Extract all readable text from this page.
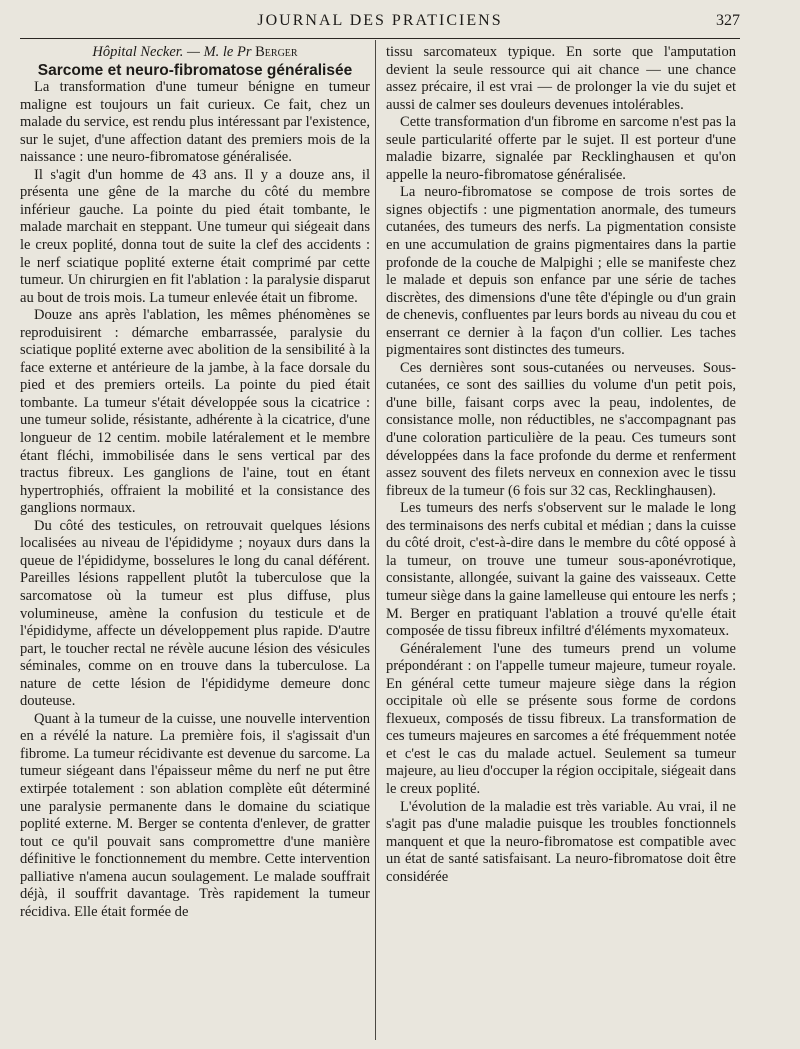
JOURNAL DES PRATICIENS	327
Hôpital Necker. — M. le Pr Berger
Sarcome et neuro-fibromatose généralisée

La transformation d'une tumeur bénigne en tumeur maligne est toujours un fait curieux. Ce fait, chez un malade du service, est rendu plus intéressant par l'existence, sur le sujet, d'une affection datant des premiers mois de la naissance : une neuro-fibromatose généralisée.

Il s'agit d'un homme de 43 ans. Il y a douze ans, il présenta une gêne de la marche du côté du membre inférieur gauche. La pointe du pied était tombante, le malade marchait en steppant. Une tumeur qui siégeait dans le creux poplité, donna tout de suite la clef des accidents : le nerf sciatique poplité externe était comprimé par cette tumeur. Un chirurgien en fit l'ablation : la paralysie disparut au bout de trois mois. La tumeur enlevée était un fibrome.

Douze ans après l'ablation, les mêmes phénomènes se reproduisirent : démarche embarrassée, paralysie du sciatique poplité externe avec abolition de la sensibilité à la face externe et antérieure de la jambe, à la face dorsale du pied et des premiers orteils. La pointe du pied était tombante. La tumeur s'était développée sous la cicatrice : une tumeur solide, résistante, adhérente à la cicatrice, d'une longueur de 12 centim. mobile latéralement et le membre étant fléchi, immobilisée dans le sens vertical par des tractus fibreux. Les ganglions de l'aine, tout en étant hypertrophiés, offraient la mobilité et la consistance des ganglions normaux.

Du côté des testicules, on retrouvait quelques lésions localisées au niveau de l'épididyme ; noyaux durs dans la queue de l'épididyme, bosselures le long du canal déférent. Pareilles lésions rappellent plutôt la tuberculose que la sarcomatose où la tumeur est plus diffuse, plus volumineuse, amène la confusion du testicule et de l'épididyme, affecte un développement plus rapide. D'autre part, le toucher rectal ne révèle aucune lésion des vésicules séminales, comme on en trouve dans la tuberculose. La nature de cette lésion de l'épididyme demeure donc douteuse.

Quant à la tumeur de la cuisse, une nouvelle intervention en a révélé la nature. La première fois, il s'agissait d'un fibrome. La tumeur récidivante est devenue du sarcome. La tumeur siégeant dans l'épaisseur même du nerf ne put être extirpée totalement : son ablation complète eût déterminé une paralysie permanente dans le domaine du sciatique poplité externe. M. Berger se contenta d'enlever, de gratter tout ce qu'il pouvait sans compromettre d'une manière définitive le fonctionnement du membre. Cette intervention palliative n'amena aucun soulagement. Le malade souffrait déjà, il souffrit davantage. Très rapidement la tumeur récidiva. Elle était formée de

tissu sarcomateux typique. En sorte que l'amputation devient la seule ressource qui ait chance — une chance assez précaire, il est vrai — de prolonger la vie du sujet et aussi de calmer ses douleurs devenues intolérables.

Cette transformation d'un fibrome en sarcome n'est pas la seule particularité offerte par le sujet. Il est porteur d'une maladie bizarre, signalée par Recklinghausen et qu'on appelle la neuro-fibromatose généralisée.

La neuro-fibromatose se compose de trois sortes de signes objectifs : une pigmentation anormale, des tumeurs cutanées, des tumeurs des nerfs. La pigmentation consiste en une accumulation de grains pigmentaires dans la partie profonde de la couche de Malpighi ; elle se manifeste chez le malade et depuis son enfance par une série de taches discrètes, des dimensions d'une tête d'épingle ou d'un grain de chenevis, confluentes par leurs bords au niveau du cou et enserrant ce dernier à la façon d'un collier. Les taches pigmentaires sont distinctes des tumeurs.

Ces dernières sont sous-cutanées ou nerveuses. Sous-cutanées, ce sont des saillies du volume d'un petit pois, d'une bille, faisant corps avec la peau, indolentes, de consistance molle, non réductibles, ne s'accompagnant pas d'une coloration particulière de la peau. Ces tumeurs sont développées dans la face profonde du derme et renferment assez souvent des filets nerveux en connexion avec le tissu fibreux de la tumeur (6 fois sur 32 cas, Recklinghausen).

Les tumeurs des nerfs s'observent sur le malade le long des terminaisons des nerfs cubital et médian ; dans la cuisse du côté droit, c'est-à-dire dans le membre du côté opposé à la tumeur, on trouve une tumeur sous-aponévrotique, consistante, allongée, suivant la gaine des vaisseaux. Cette tumeur siège dans la gaine lamelleuse qui entoure les nerfs ; M. Berger en pratiquant l'ablation a trouvé qu'elle était composée de tissu fibreux infiltré d'éléments myxomateux.

Généralement l'une des tumeurs prend un volume prépondérant : on l'appelle tumeur majeure, tumeur royale. En général cette tumeur majeure siège dans la région occipitale où elle se présente sous forme de cordons flexueux, composés de tissu fibreux. La transformation de ces tumeurs majeures en sarcomes a été fréquemment notée et c'est le cas du malade actuel. Seulement sa tumeur majeure, au lieu d'occuper la région occipitale, siégeait dans le creux poplité.

L'évolution de la maladie est très variable. Au vrai, il ne s'agit pas d'une maladie puisque les troubles fonctionnels manquent et que la neuro-fibromatose est compatible avec un état de santé satisfaisant. La neuro-fibromatose doit être considérée
